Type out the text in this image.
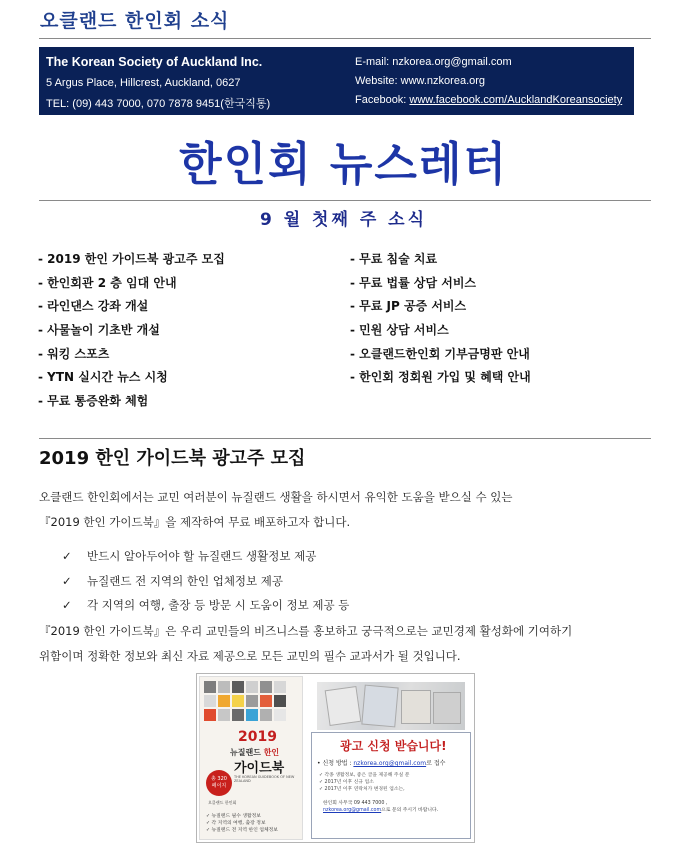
오클랜드 한인회 소식
The Korean Society of Auckland Inc.
5 Argus Place, Hillcrest, Auckland, 0627
TEL: (09) 443 7000, 070 7878 9451(한국직통)
E-mail: nzkorea.org@gmail.com
Website: www.nzkorea.org
Facebook: www.facebook.com/AucklandKoreansociety
한인회 뉴스레터
9 월 첫째 주 소식
- 2019 한인 가이드북 광고주 모집
- 한인회관 2 층 임대 안내
- 라인댄스 강좌 개설
- 사물놀이 기초반 개설
- 워킹 스포츠
- YTN 실시간 뉴스 시청
- 무료 통증완화 체험
- 무료 침술 치료
- 무료 법률 상담 서비스
- 무료 JP 공증 서비스
- 민원 상담 서비스
- 오클랜드한인회 기부금명판 안내
- 한인회 정회원 가입 및 혜택 안내
2019 한인 가이드북 광고주 모집
오클랜드 한인회에서는 교민 여러분이 뉴질랜드 생활을 하시면서 유익한 도움을 받으실 수 있는
『2019 한인 가이드북』을 제작하여 무료 배포하고자 합니다.
✓ 반드시 알아두어야 할 뉴질랜드 생활정보 제공
✓ 뉴질랜드 전 지역의 한인 업체정보 제공
✓ 각 지역의 여행, 출장 등 방문 시 도움이 정보 제공 등
『2019 한인 가이드북』은 우리 교민들의 비즈니스를 홍보하고 궁극적으로는 교민경제 활성화에 기여하기
위함이며 정확한 정보와 최신 자료 제공으로 모든 교민의 필수 교과서가 될 것입니다.
2019
뉴질랜드 한인
가이드북
THE KOREAN GUIDEBOOK OF NEW ZEALAND
총 320
페이지
오클랜드 한인회
✓ 뉴질랜드 필수 생활정보
✓ 각 지역의 여행, 출장 정보
✓ 뉴질랜드 전 지역 한인 업체정보
광고 신청 받습니다!
• 신청 방법 : nzkorea.org@gmail.com로 접수
✓ 각종 생활정보, 좋은 글을 제공해 주실 분
✓ 2017년 이후 신규 업소
✓ 2017년 이후 연락처가 변경된 업소는,
한인회 사무국 09 443 7000 ,
nzkorea.org@gmail.com으로 문의 주시기 바랍니다.
